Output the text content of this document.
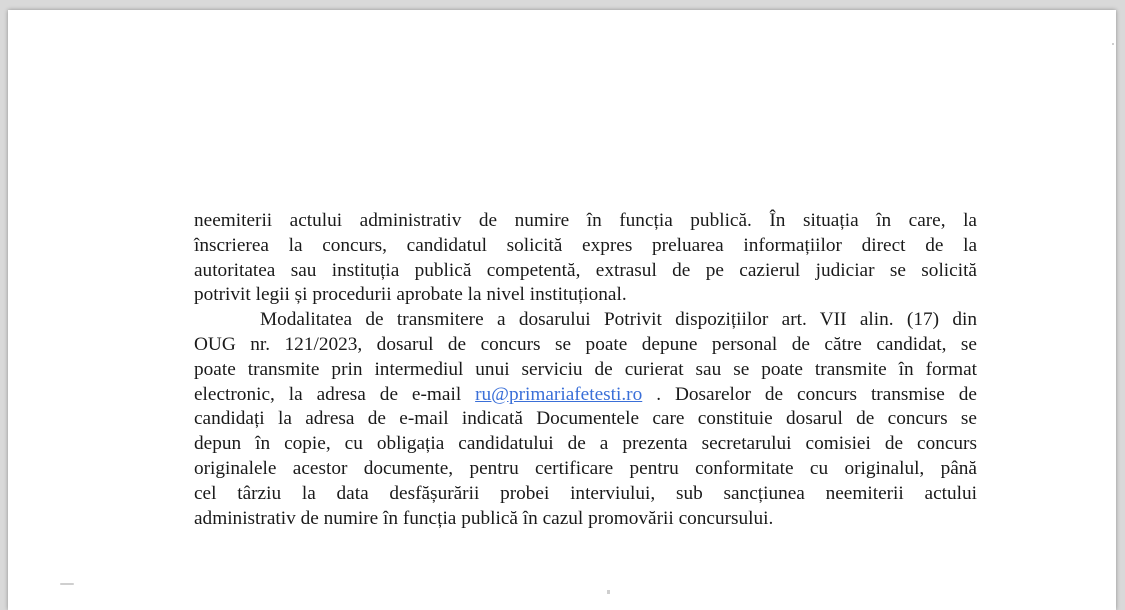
neemiterii actului administrativ de numire în funcția publică. În situația în care, la
înscrierea la concurs, candidatul solicită expres preluarea informațiilor direct de la
autoritatea sau instituția publică competentă, extrasul de pe cazierul judiciar se solicită
potrivit legii și procedurii aprobate la nivel instituțional.
Modalitatea de transmitere a dosarului Potrivit dispozițiilor art. VII alin. (17) din
OUG nr. 121/2023, dosarul de concurs se poate depune personal de către candidat, se
poate transmite prin intermediul unui serviciu de curierat sau se poate transmite în format
electronic, la adresa de e-mail ru@primariafetesti.ro . Dosarelor de concurs transmise de
candidați la adresa de e-mail indicată Documentele care constituie dosarul de concurs se
depun în copie, cu obligația candidatului de a prezenta secretarului comisiei de concurs
originalele acestor documente, pentru certificare pentru conformitate cu originalul, până
cel târziu la data desfășurării probei interviului, sub sancțiunea neemiterii actului
administrativ de numire în funcția publică în cazul promovării concursului.
